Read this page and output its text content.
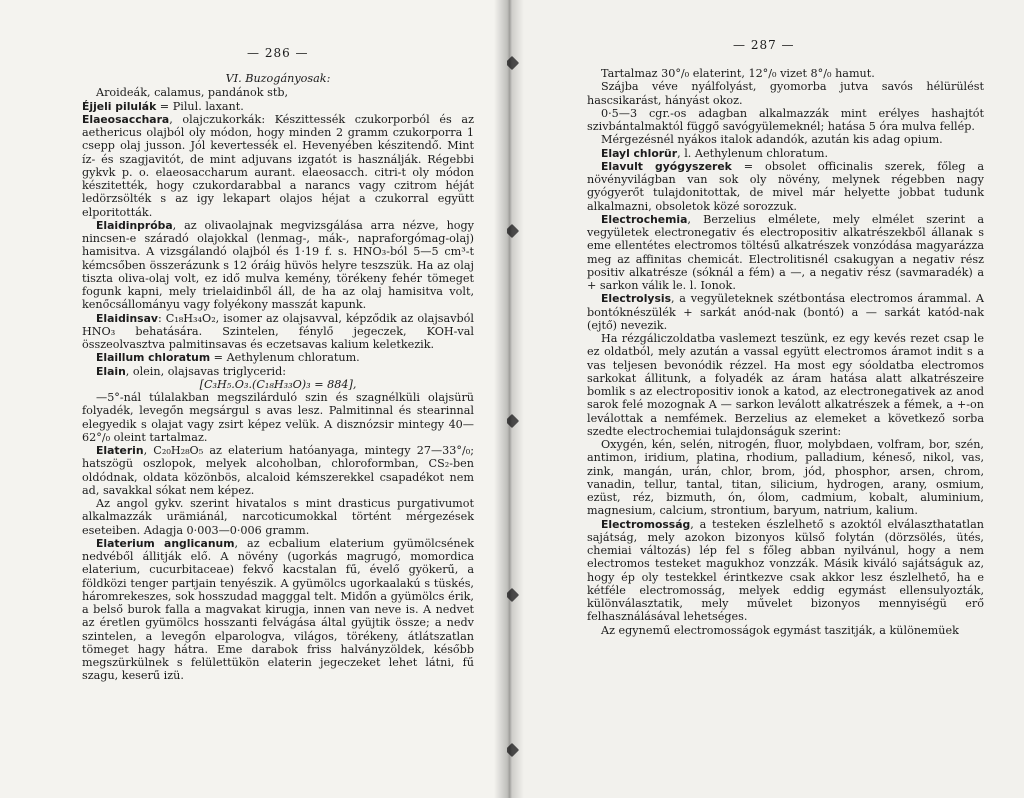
— 286 —

VI. Buzogányosak:

Aroideák, calamus, pandánok stb,

Éjjeli pilulák = Pilul. laxant.

Elaeosacchara, olajczukorkák: Készittessék czukorporból és az aethericus olajból oly módon, hogy minden 2 gramm czukorporra 1 csepp olaj jusson. Jól kevertessék el. Hevenyében készitendő. Mint íz- és szagjavitót, de mint adjuvans izgatót is használják. Régebbi gykvk p. o. elaeosaccharum aurant. elaeosacch. citri-t oly módon készitették, hogy czukordarabbal a narancs vagy czitrom héját ledörzsölték s az igy lekapart olajos héjat a czukorral együtt elporitották.

Elaidinpróba, az olivaolajnak megvizsgálása arra nézve, hogy nincsen-e száradó olajokkal (lenmag-, mák-, napraforgómag-olaj) hamisitva. A vizsgálandó olajból és 1·19 f. s. HNO₃-ból 5—5 cm³-t kémcsőben összerázunk s 12 óráig hüvös helyre teszszük. Ha az olaj tiszta oliva-olaj volt, ez idő mulva kemény, törékeny fehér tömeget fogunk kapni, mely trielaidinből áll, de ha az olaj hamisitva volt, kenőcsállományu vagy folyékony masszát kapunk.

Elaidinsav: C₁₈H₃₄O₂, isomer az olajsavval, képződik az olajsavból HNO₃ behatására. Szintelen, fénylő jegeczek, KOH-val összeolvasztva palmitinsavas és eczetsavas kalium keletkezik.

Elaillum chloratum = Aethylenum chloratum.

Elain, olein, olajsavas triglycerid:

[C₃H₅.O₃.(C₁₈H₃₃O)₃ = 884],

—5°-nál túlalakban megszilárduló szin és szagnélküli olajsürü folyadék, levegőn megsárgul s avas lesz. Palmitinnal és stearinnal elegyedik s olajat vagy zsirt képez velük. A disznózsir mintegy 40—62°/₀ oleint tartalmaz.

Elaterin, C₂₀H₂₈O₅ az elaterium hatóanyaga, mintegy 27—33°/₀; hatszögü oszlopok, melyek alcoholban, chloroformban, CS₂-ben oldódnak, oldata közönbös, alcaloid kémszerekkel csapadékot nem ad, savakkal sókat nem képez.

Az angol gykv. szerint hivatalos s mint drasticus purgativumot alkalmazzák urämiánál, narcoticumokkal történt mérgezések eseteiben. Adagja 0·003—0·006 gramm.

Elaterium anglicanum, az ecbalium elaterium gyümölcsének nedvéből állitják elő. A növény (ugorkás magrugó, momordica elaterium, cucurbitaceae) fekvő kacstalan fű, évelő gyökerű, a földközi tenger partjain tenyészik. A gyümölcs ugorkaalakú s tüskés, háromrekeszes, sok hosszudad magggal telt. Midőn a gyümölcs érik, a belső burok falla a magvakat kirugja, innen van neve is. A nedvet az éretlen gyümölcs hosszanti felvágása által gyüjtik össze; a nedv szintelen, a levegőn elparologva, világos, törékeny, átlátszatlan tömeget hagy hátra. Eme darabok friss halványzöldek, később megszürkülnek s felülettükön elaterin jegeczeket lehet látni, fű szagu, keserű izü.

— 287 —

Tartalmaz 30°/₀ elaterint, 12°/₀ vizet 8°/₀ hamut.

Szájba véve nyálfolyást, gyomorba jutva savós hélürülést hascsikarást, hányást okoz.

0·5—3 cgr.-os adagban alkalmazzák mint erélyes hashajtót szivbántalmaktól függő savógyülemeknél; hatása 5 óra mulva fellép.

Mérgezésnél nyákos italok adandók, azután kis adag opium.

Elayl chlorür, l. Aethylenum chloratum.

Elavult gyógyszerek = obsolet officinalis szerek, főleg a növényvilágban van sok oly növény, melynek régebben nagy gyógyerőt tulajdonitottak, de mivel már helyette jobbat tudunk alkalmazni, obsoletok közé sorozzuk.

Electrochemia, Berzelius elmélete, mely elmélet szerint a vegyületek electronegativ és electropositiv alkatrészekből állanak s eme ellentétes electromos töltésű alkatrészek vonzódása magyarázza meg az affinitas chemicát. Electrolitisnél csakugyan a negativ rész positiv alkatrésze (sóknál a fém) a —, a negativ rész (savmaradék) a + sarkon válik le. l. Ionok.

Electrolysis, a vegyületeknek szétbontása electromos árammal. A bontóknészülék + sarkát anód-nak (bontó) a — sarkát katód-nak (ejtő) nevezik.

Ha rézgáliczoldatba vaslemezt teszünk, ez egy kevés rezet csap le ez oldatból, mely azután a vassal együtt electromos áramot indit s a vas teljesen bevonódik rézzel. Ha most egy sóoldatba electromos sarkokat állitunk, a folyadék az áram hatása alatt alkatrészeire bomlik s az electropositiv ionok a katod, az electronegativek az anod sarok felé mozognak A — sarkon leválott alkatrészek a fémek, a +-on leválottak a nemfémek. Berzelius az elemeket a következő sorba szedte electrochemiai tulajdonságuk szerint:

Oxygén, kén, selén, nitrogén, fluor, molybdaen, volfram, bor, szén, antimon, iridium, platina, rhodium, palladium, kéneső, nikol, vas, zink, mangán, urán, chlor, brom, jód, phosphor, arsen, chrom, vanadin, tellur, tantal, titan, silicium, hydrogen, arany, osmium, ezüst, réz, bizmuth, ón, ólom, cadmium, kobalt, aluminium, magnesium, calcium, strontium, baryum, natrium, kalium.

Electromosság, a testeken észlelhető s azoktól elválaszthatatlan sajátság, mely azokon bizonyos külső folytán (dörzsölés, ütés, chemiai változás) lép fel s főleg abban nyilvánul, hogy a nem electromos testeket magukhoz vonzzák. Másik kiváló sajátságuk az, hogy ép oly testekkel érintkezve csak akkor lesz észlelhető, ha e kétféle electromosság, melyek eddig egymást ellensulyozták, különválasztatik, mely művelet bizonyos mennyiségü erő felhasználásával lehetséges.

Az egynemű electromosságok egymást taszitják, a különemüek
